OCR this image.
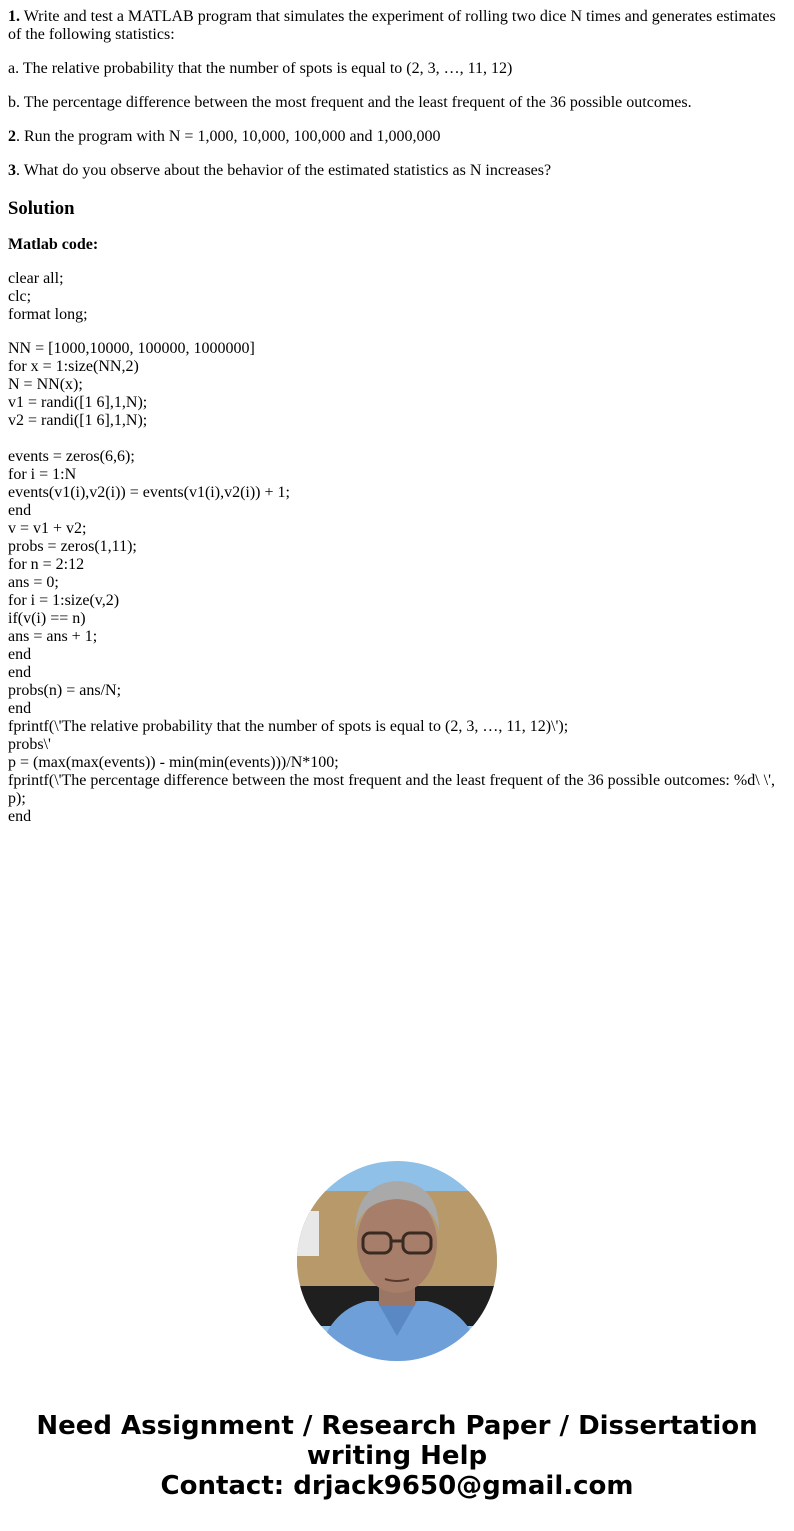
1. Write and test a MATLAB program that simulates the experiment of rolling two dice N times and generates estimates of the following statistics:

a. The relative probability that the number of spots is equal to (2, 3, …, 11, 12)

b. The percentage difference between the most frequent and the least frequent of the 36 possible outcomes.

2. Run the program with N = 1,000, 10,000, 100,000 and 1,000,000

3. What do you observe about the behavior of the estimated statistics as N increases?

Solution

Matlab code:

clear all;
clc;
format long;

NN = [1000,10000, 100000, 1000000]
for x = 1:size(NN,2)
N = NN(x);
v1 = randi([1 6],1,N);
v2 = randi([1 6],1,N);

events = zeros(6,6);
for i = 1:N
events(v1(i),v2(i)) = events(v1(i),v2(i)) + 1;
end
v = v1 + v2;
probs = zeros(1,11);
for n = 2:12
ans = 0;
for i = 1:size(v,2)
if(v(i) == n)
ans = ans + 1;
end
end
probs(n) = ans/N;
end
fprintf(\'The relative probability that the number of spots is equal to (2, 3, …, 11, 12)\');
probs\'
p = (max(max(events)) - min(min(events)))/N*100;
fprintf(\'The percentage difference between the most frequent and the least frequent of the 36 possible outcomes: %d\ \',
p);
end
Need Assignment / Research Paper / Dissertation
writing Help
Contact: drjack9650@gmail.com
